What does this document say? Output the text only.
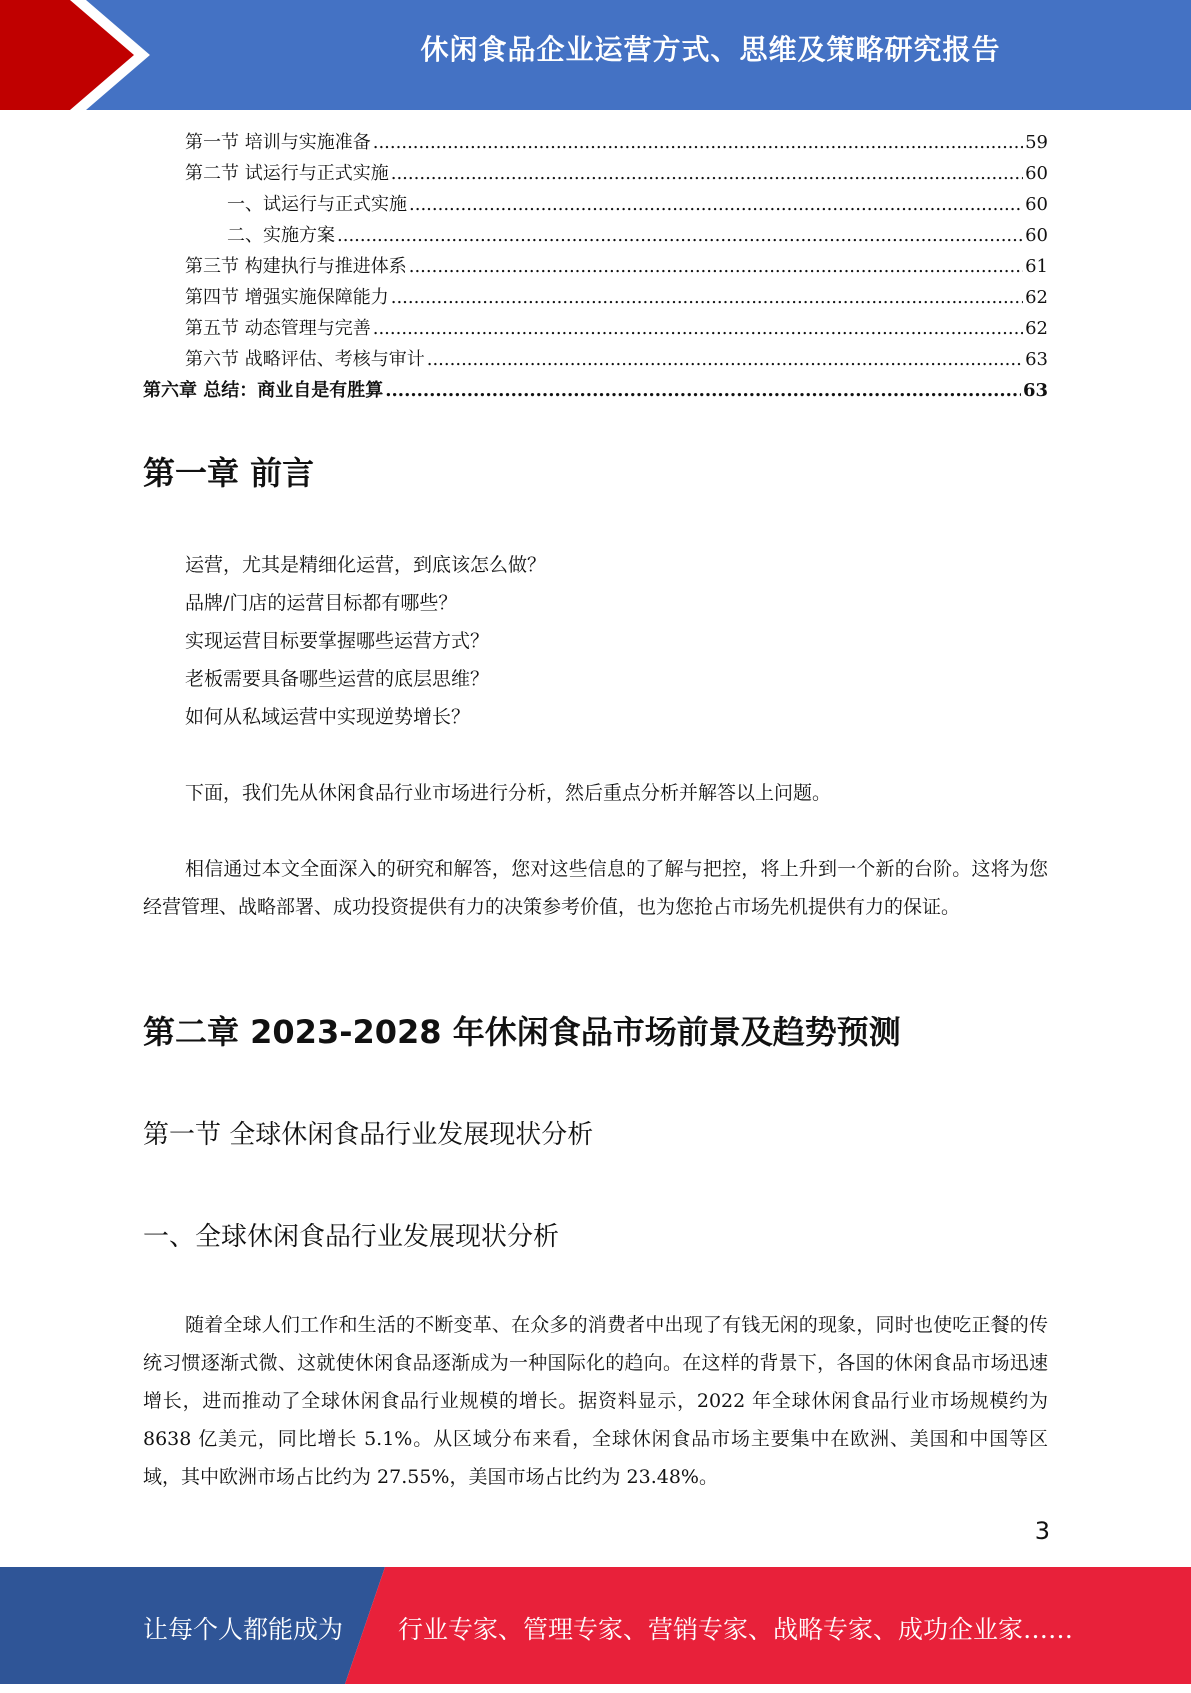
休闲食品企业运营方式、思维及策略研究报告
第一节 培训与实施准备 .....	59
第二节 试运行与正式实施 .....	60
一、试运行与正式实施 .....	60
二、实施方案 .....	60
第三节 构建执行与推进体系 .....	61
第四节 增强实施保障能力 .....	62
第五节 动态管理与完善 .....	62
第六节 战略评估、考核与审计 .....	63
第六章 总结：商业自是有胜算 .....	63
第一章 前言
运营，尤其是精细化运营，到底该怎么做？
品牌/门店的运营目标都有哪些？
实现运营目标要掌握哪些运营方式？
老板需要具备哪些运营的底层思维？
如何从私域运营中实现逆势增长？

下面，我们先从休闲食品行业市场进行分析，然后重点分析并解答以上问题。

相信通过本文全面深入的研究和解答，您对这些信息的了解与把控，将上升到一个新的台阶。这将为您经营管理、战略部署、成功投资提供有力的决策参考价值，也为您抢占市场先机提供有力的保证。

第二章 2023-2028 年休闲食品市场前景及趋势预测
第一节 全球休闲食品行业发展现状分析
一、全球休闲食品行业发展现状分析

随着全球人们工作和生活的不断变革、在众多的消费者中出现了有钱无闲的现象，同时也使吃正餐的传统习惯逐渐式微、这就使休闲食品逐渐成为一种国际化的趋向。在这样的背景下，各国的休闲食品市场迅速增长，进而推动了全球休闲食品行业规模的增长。据资料显示，2022 年全球休闲食品行业市场规模约为 8638 亿美元，同比增长 5.1%。从区域分布来看，全球休闲食品市场主要集中在欧洲、美国和中国等区域，其中欧洲市场占比约为 27.55%，美国市场占比约为 23.48%。

3
让每个人都能成为 行业专家、管理专家、营销专家、战略专家、成功企业家……
